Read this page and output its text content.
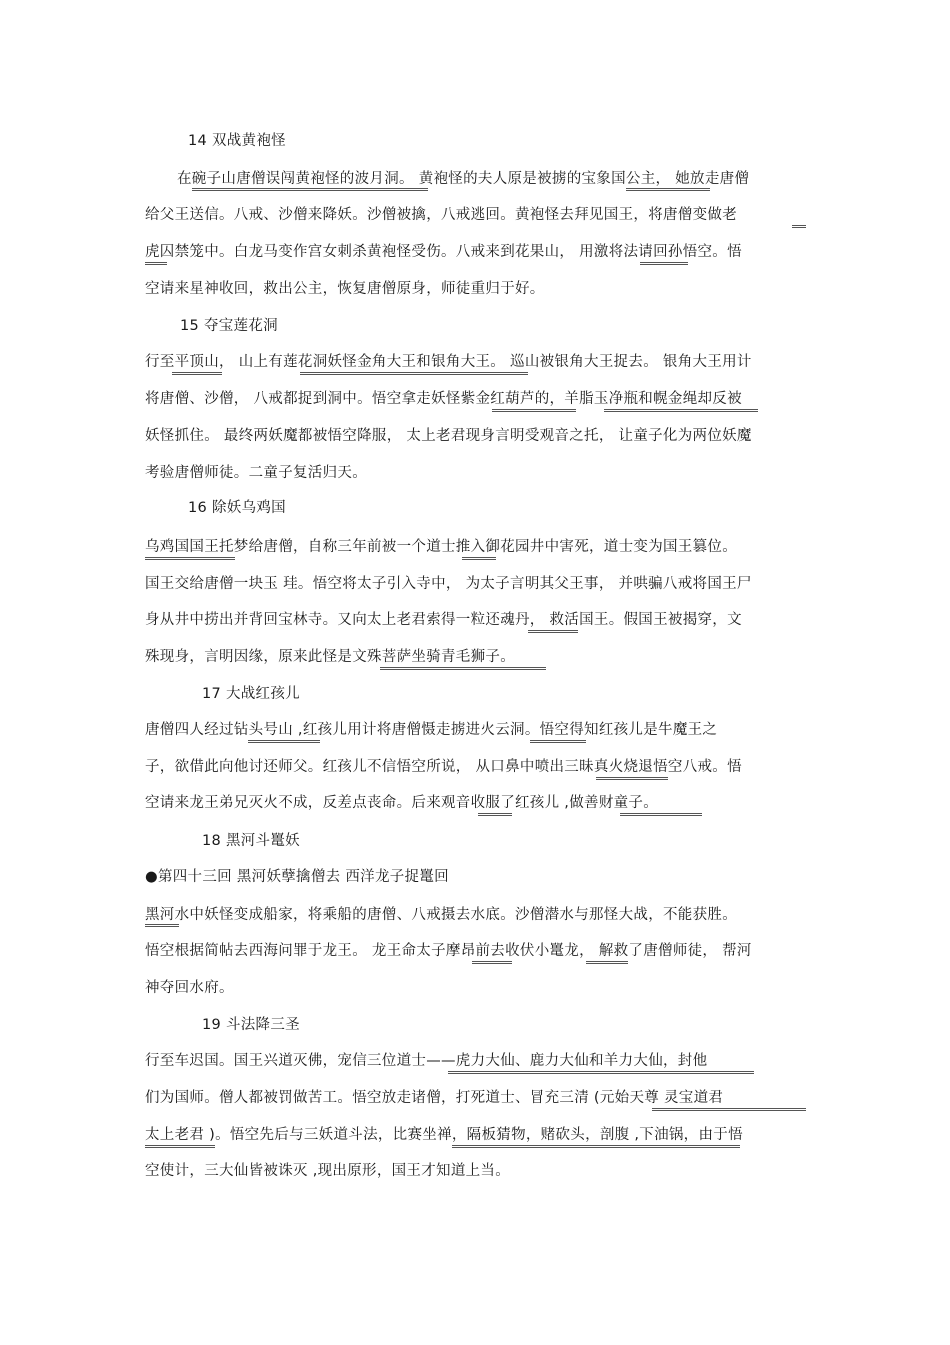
14 双战黄袍怪
在碗子山唐僧误闯黄袍怪的波月洞。 黄袍怪的夫人原是被掳的宝象国公主， 她放走唐僧
给父王送信。八戒、沙僧来降妖。沙僧被擒，八戒逃回。黄袍怪去拜见国王，将唐僧变做老
虎囚禁笼中。白龙马变作宫女刺杀黄袍怪受伤。八戒来到花果山， 用激将法请回孙悟空。悟
空请来星神收回，救出公主，恢复唐僧原身，师徒重归于好。
15 夺宝莲花洞
行至平顶山， 山上有莲花洞妖怪金角大王和银角大王。 巡山被银角大王捉去。 银角大王用计
将唐僧、沙僧， 八戒都捉到洞中。悟空拿走妖怪紫金红葫芦的，羊脂玉净瓶和幌金绳却反被
妖怪抓住。 最终两妖魔都被悟空降服， 太上老君现身言明受观音之托， 让童子化为两位妖魔
考验唐僧师徒。二童子复活归天。
16 除妖乌鸡国
乌鸡国国王托梦给唐僧，自称三年前被一个道士推入御花园井中害死，道士变为国王篡位。
国王交给唐僧一块玉 珪。悟空将太子引入寺中， 为太子言明其父王事， 并哄骗八戒将国王尸
身从井中捞出并背回宝林寺。又向太上老君索得一粒还魂丹， 救活国王。假国王被揭穿，文
殊现身，言明因缘，原来此怪是文殊菩萨坐骑青毛狮子。
17 大战红孩儿
唐僧四人经过钻头号山 ,红孩儿用计将唐僧慑走掳进火云洞。悟空得知红孩儿是牛魔王之
子，欲借此向他讨还师父。红孩儿不信悟空所说， 从口鼻中喷出三昧真火烧退悟空八戒。悟
空请来龙王弟兄灭火不成，反差点丧命。后来观音收服了红孩儿 ,做善财童子。
18 黑河斗鼍妖
●第四十三回 黑河妖孽擒僧去 西洋龙子捉鼍回
黑河水中妖怪变成船家，将乘船的唐僧、八戒摄去水底。沙僧潜水与那怪大战，不能获胜。
悟空根据简帖去西海问罪于龙王。 龙王命太子摩昂前去收伏小鼍龙， 解救了唐僧师徒， 帮河
神夺回水府。
19 斗法降三圣
行至车迟国。国王兴道灭佛，宠信三位道士——虎力大仙、鹿力大仙和羊力大仙，封他
们为国师。僧人都被罚做苦工。悟空放走诸僧，打死道士、冒充三清 (元始天尊 灵宝道君
太上老君 )。悟空先后与三妖道斗法，比赛坐禅，隔板猜物，赌砍头，剖腹 ,下油锅，由于悟
空使计，三大仙皆被诛灭 ,现出原形，国王才知道上当。
